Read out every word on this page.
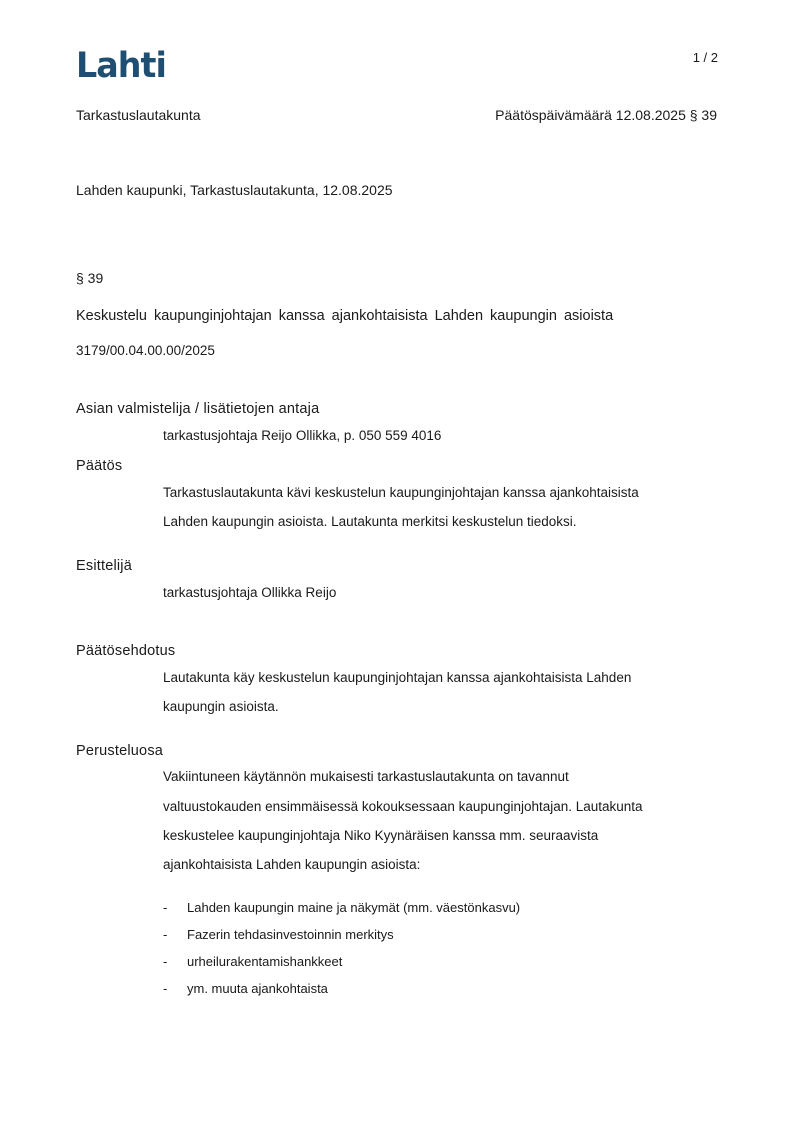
Lahti	1 / 2
Tarkastuslautakunta	Päätöspäivämäärä 12.08.2025 § 39
Lahden kaupunki, Tarkastuslautakunta, 12.08.2025
§ 39
Keskustelu kaupunginjohtajan kanssa ajankohtaisista Lahden kaupungin asioista
3179/00.04.00.00/2025
Asian valmistelija / lisätietojen antaja
tarkastusjohtaja Reijo Ollikka, p. 050 559 4016
Päätös
Tarkastuslautakunta kävi keskustelun kaupunginjohtajan kanssa ajankohtaisista
Lahden kaupungin asioista. Lautakunta merkitsi keskustelun tiedoksi.
Esittelijä
tarkastusjohtaja Ollikka Reijo
Päätösehdotus
Lautakunta käy keskustelun kaupunginjohtajan kanssa ajankohtaisista Lahden
kaupungin asioista.
Perusteluosa
Vakiintuneen käytännön mukaisesti tarkastuslautakunta on tavannut
valtuustokauden ensimmäisessä kokouksessaan kaupunginjohtajan. Lautakunta
keskustelee kaupunginjohtaja Niko Kyynäräisen kanssa mm. seuraavista
ajankohtaisista Lahden kaupungin asioista:
- Lahden kaupungin maine ja näkymät (mm. väestönkasvu)
- Fazerin tehdasinvestoinnin merkitys
- urheilurakentamishankkeet
- ym. muuta ajankohtaista
